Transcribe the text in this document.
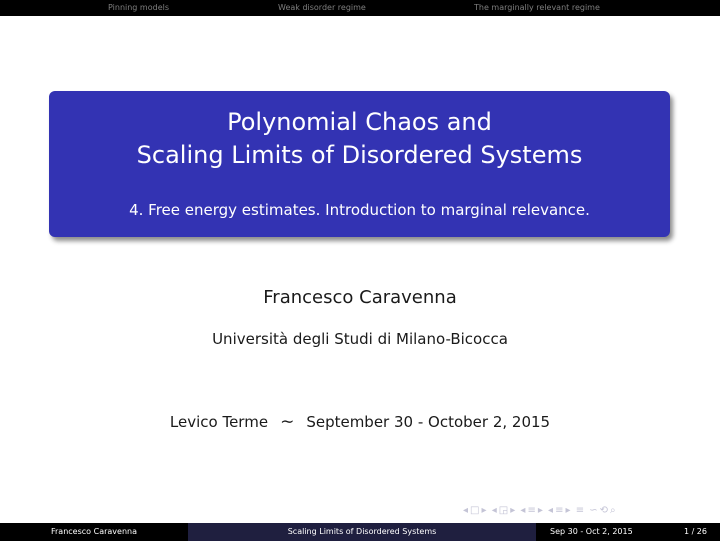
Pinning models	Weak disorder regime	The marginally relevant regime
Polynomial Chaos and
Scaling Limits of Disordered Systems
4. Free energy estimates. Introduction to marginal relevance.
Francesco Caravenna
Università degli Studi di Milano-Bicocca
Levico Terme ∼ September 30 - October 2, 2015
◂ □ ▸ ◂ ◲ ▸ ◂ ≡ ▸ ◂ ≡ ▸ ≡ ∽ ⟲ ⌕
Francesco Caravenna	Scaling Limits of Disordered Systems	Sep 30 - Oct 2, 2015	1 / 26
